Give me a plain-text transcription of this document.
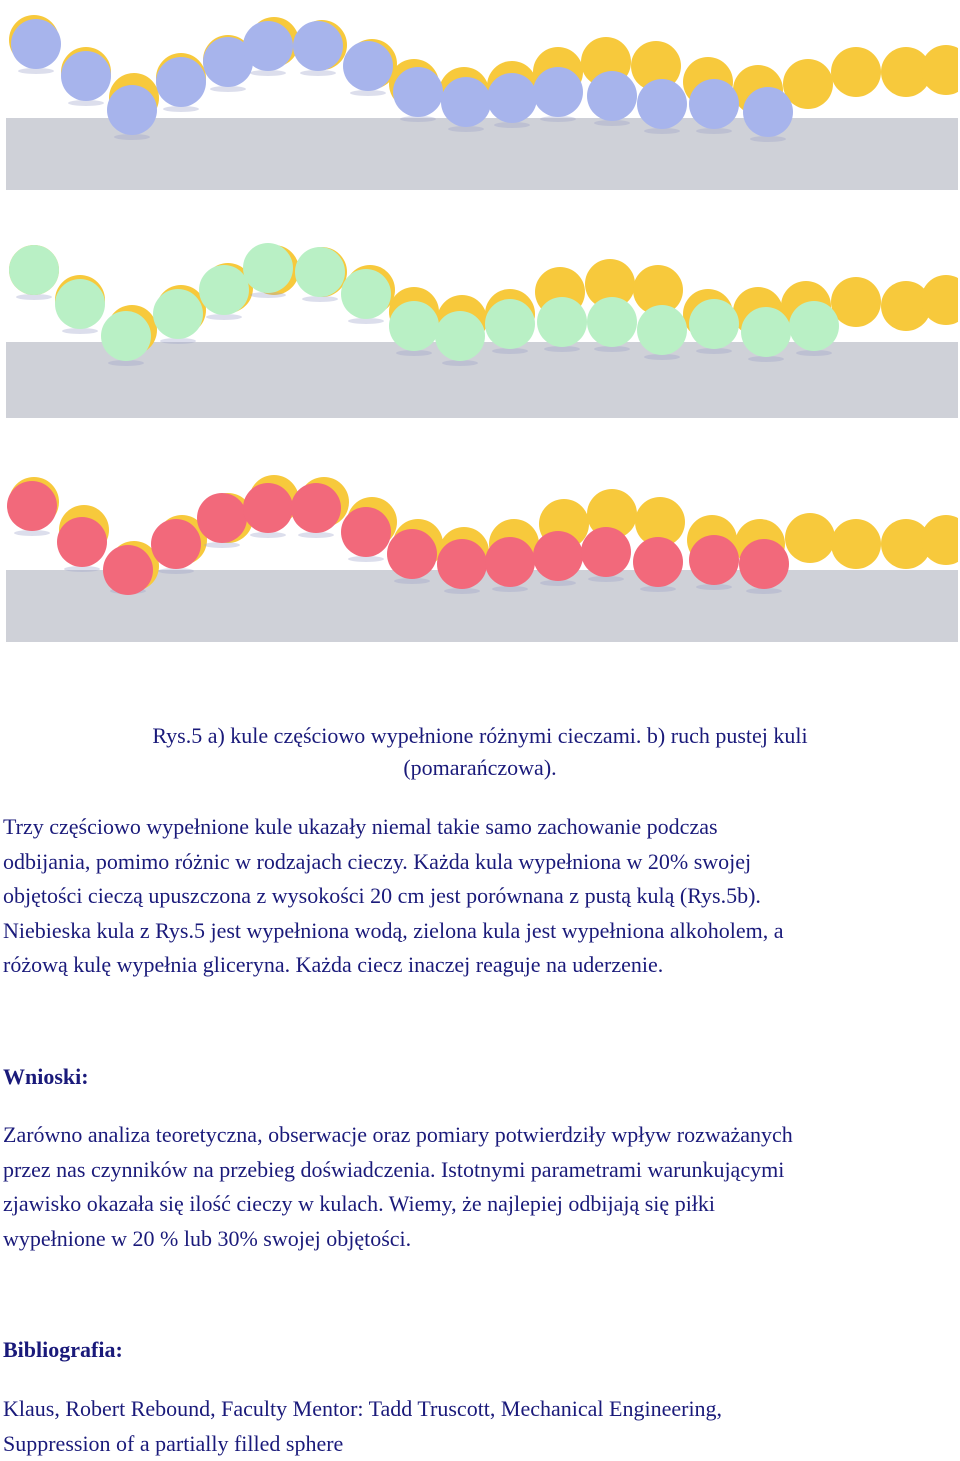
Rys.5 a) kule częściowo wypełnione różnymi cieczami. b) ruch pustej kuli
(pomarańczowa).
Trzy częściowo wypełnione kule ukazały niemal takie samo zachowanie podczas
odbijania, pomimo różnic w rodzajach cieczy. Każda kula wypełniona w 20% swojej
objętości cieczą upuszczona z wysokości 20 cm jest porównana z pustą kulą (Rys.5b).
Niebieska kula z Rys.5 jest wypełniona wodą, zielona kula jest wypełniona alkoholem, a
różową kulę wypełnia gliceryna. Każda ciecz inaczej reaguje na uderzenie.
Wnioski:
Zarówno analiza teoretyczna, obserwacje oraz pomiary potwierdziły wpływ rozważanych
przez nas czynników na przebieg doświadczenia. Istotnymi parametrami warunkującymi
zjawisko okazała się ilość cieczy w kulach. Wiemy, że najlepiej odbijają się piłki
wypełnione w 20 % lub 30% swojej objętości.
Bibliografia:
Klaus, Robert Rebound, Faculty Mentor: Tadd Truscott, Mechanical Engineering,
Suppression of a partially filled sphere
